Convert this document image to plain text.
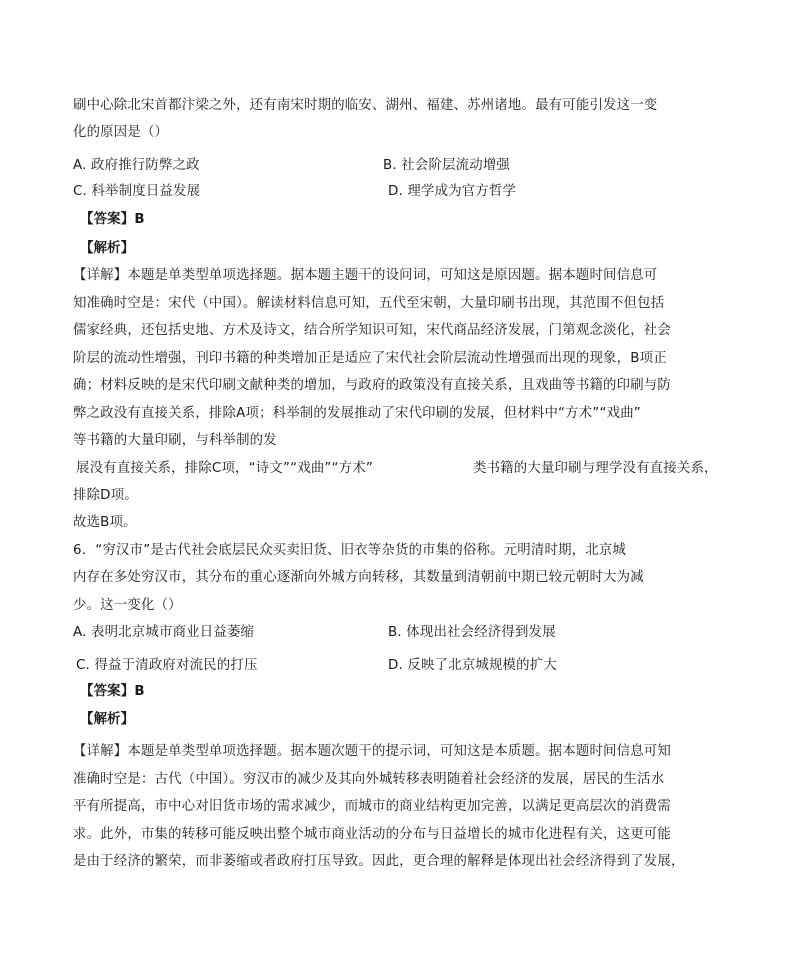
刷中心除北宋首都汴梁之外，还有南宋时期的临安、湖州、福建、苏州诸地。最有可能引发这一变
化的原因是（）
A. 政府推行防弊之政	B. 社会阶层流动增强
C. 科举制度日益发展	D. 理学成为官方哲学
【答案】B
【解析】
【详解】本题是单类型单项选择题。据本题主题干的设问词，可知这是原因题。据本题时间信息可
知准确时空是：宋代（中国）。解读材料信息可知，五代至宋朝，大量印刷书出现，其范围不但包括
儒家经典，还包括史地、方术及诗文，结合所学知识可知，宋代商品经济发展，门第观念淡化，社会
阶层的流动性增强，刊印书籍的种类增加正是适应了宋代社会阶层流动性增强而出现的现象，B项正
确；材料反映的是宋代印刷文献种类的增加，与政府的政策没有直接关系，且戏曲等书籍的印刷与防
弊之政没有直接关系，排除A项；科举制的发展推动了宋代印刷的发展，但材料中“方术”“戏曲”
等书籍的大量印刷，与科举制的发
展没有直接关系，排除C项，“诗文”“戏曲”“方术”	类书籍的大量印刷与理学没有直接关系，
排除D项。
故选B项。
6．“穷汉市”是古代社会底层民众买卖旧货、旧衣等杂货的市集的俗称。元明清时期，北京城
内存在多处穷汉市，其分布的重心逐渐向外城方向转移，其数量到清朝前中期已较元朝时大为减
少。这一变化（）
A. 表明北京城市商业日益萎缩	B. 体现出社会经济得到发展
C. 得益于清政府对流民的打压	D. 反映了北京城规模的扩大
【答案】B
【解析】
【详解】本题是单类型单项选择题。据本题次题干的提示词，可知这是本质题。据本题时间信息可知
准确时空是：古代（中国）。穷汉市的减少及其向外城转移表明随着社会经济的发展，居民的生活水
平有所提高，市中心对旧货市场的需求减少，而城市的商业结构更加完善，以满足更高层次的消费需
求。此外，市集的转移可能反映出整个城市商业活动的分布与日益增长的城市化进程有关，这更可能
是由于经济的繁荣，而非萎缩或者政府打压导致。因此，更合理的解释是体现出社会经济得到了发展，
